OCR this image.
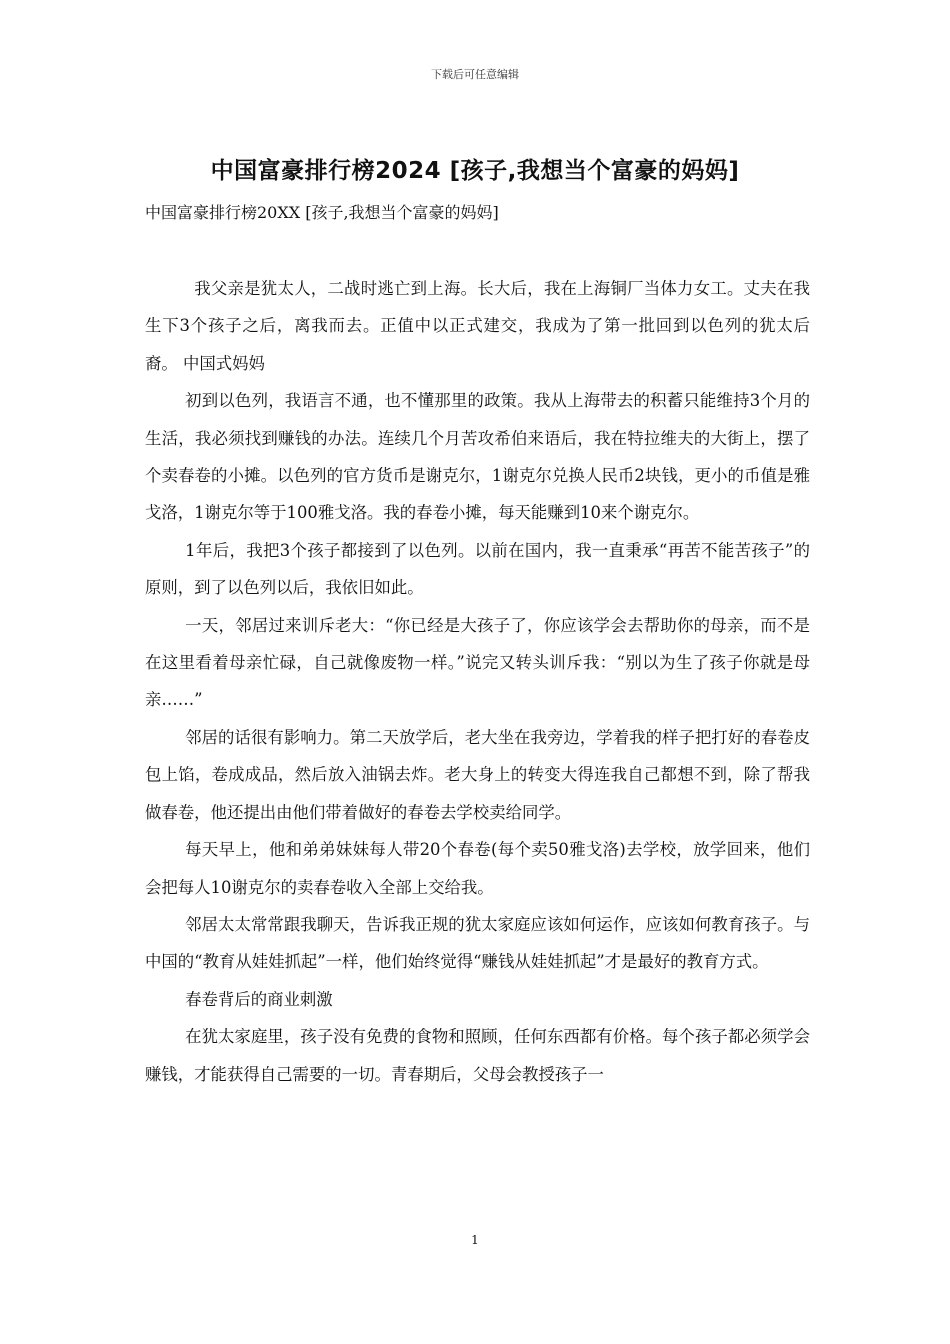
下载后可任意编辑
中国富豪排行榜2024 [孩子,我想当个富豪的妈妈]
中国富豪排行榜20XX [孩子,我想当个富豪的妈妈]

我父亲是犹太人，二战时逃亡到上海。长大后，我在上海铜厂当体力女工。丈夫在我生下3个孩子之后，离我而去。正值中以正式建交，我成为了第一批回到以色列的犹太后裔。 中国式妈妈

初到以色列，我语言不通，也不懂那里的政策。我从上海带去的积蓄只能维持3个月的生活，我必须找到赚钱的办法。连续几个月苦攻希伯来语后，我在特拉维夫的大街上，摆了个卖春卷的小摊。以色列的官方货币是谢克尔，1谢克尔兑换人民币2块钱，更小的币值是雅戈洛，1谢克尔等于100雅戈洛。我的春卷小摊，每天能赚到10来个谢克尔。

1年后，我把3个孩子都接到了以色列。以前在国内，我一直秉承“再苦不能苦孩子”的原则，到了以色列以后，我依旧如此。

一天，邻居过来训斥老大：“你已经是大孩子了，你应该学会去帮助你的母亲，而不是在这里看着母亲忙碌，自己就像废物一样。”说完又转头训斥我：“别以为生了孩子你就是母亲……”

邻居的话很有影响力。第二天放学后，老大坐在我旁边，学着我的样子把打好的春卷皮包上馅，卷成成品，然后放入油锅去炸。老大身上的转变大得连我自己都想不到，除了帮我做春卷，他还提出由他们带着做好的春卷去学校卖给同学。

每天早上，他和弟弟妹妹每人带20个春卷(每个卖50雅戈洛)去学校，放学回来，他们会把每人10谢克尔的卖春卷收入全部上交给我。

邻居太太常常跟我聊天，告诉我正规的犹太家庭应该如何运作，应该如何教育孩子。与中国的“教育从娃娃抓起”一样，他们始终觉得“赚钱从娃娃抓起”才是最好的教育方式。

春卷背后的商业刺激

在犹太家庭里，孩子没有免费的食物和照顾，任何东西都有价格。每个孩子都必须学会赚钱，才能获得自己需要的一切。青春期后，父母会教授孩子一

1
